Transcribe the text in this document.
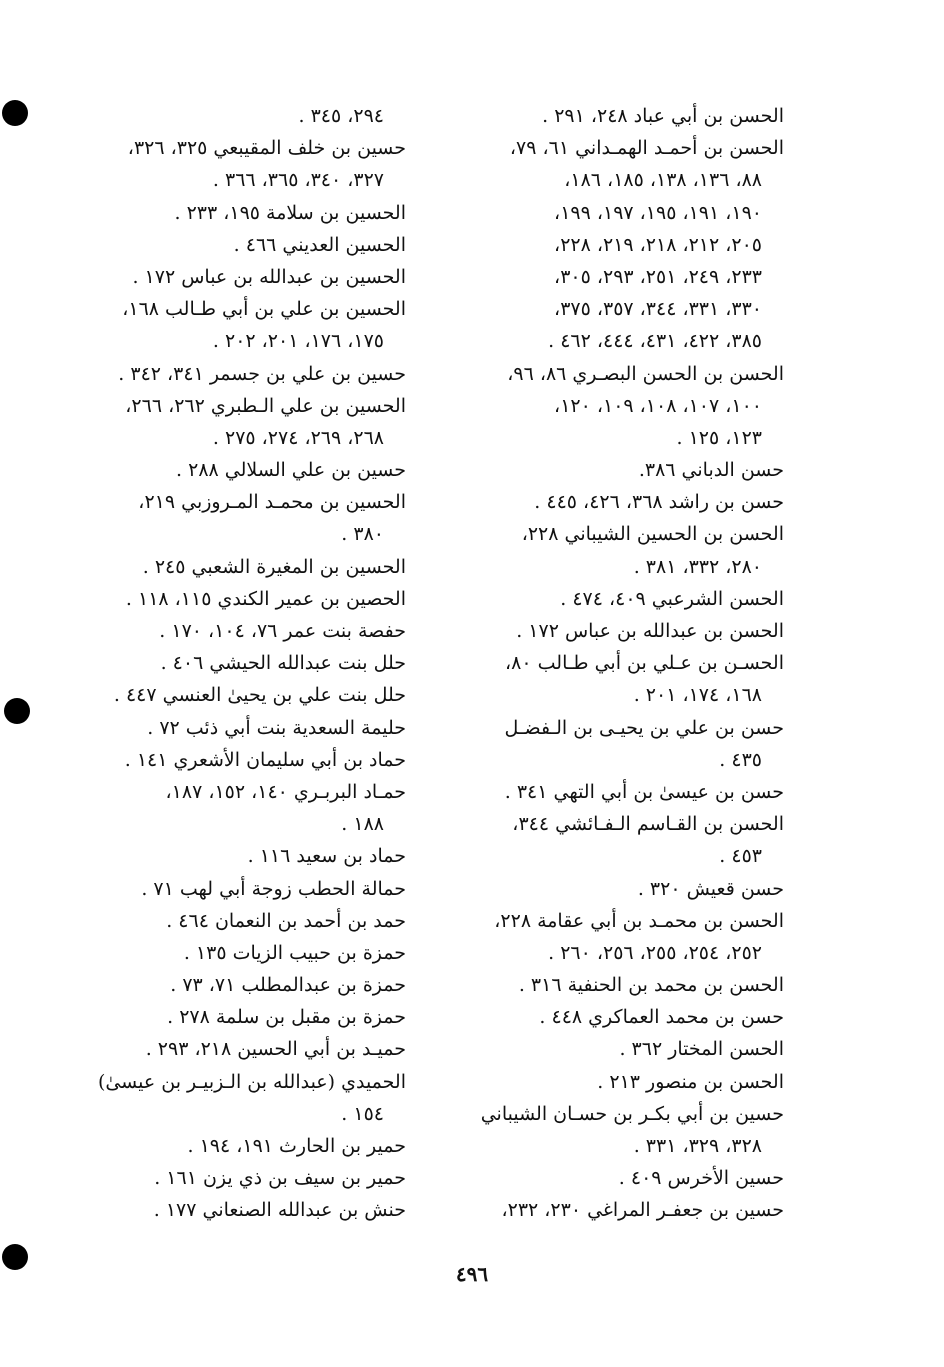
الحسن بن أبي عباد ٢٤٨، ٢٩١ .
الحسن بن أحمـد الهمـداني ٦١، ٧٩،
٨٨، ١٣٦، ١٣٨، ١٨٥، ١٨٦،
١٩٠، ١٩١، ١٩٥، ١٩٧، ١٩٩،
٢٠٥، ٢١٢، ٢١٨، ٢١٩، ٢٢٨،
٢٣٣، ٢٤٩، ٢٥١، ٢٩٣، ٣٠٥،
٣٣٠، ٣٣١، ٣٤٤، ٣٥٧، ٣٧٥،
٣٨٥، ٤٢٢، ٤٣١، ٤٤٤، ٤٦٢ .
الحسن بن الحسن البصـري ٨٦، ٩٦،
١٠٠، ١٠٧، ١٠٨، ١٠٩، ١٢٠،
١٢٣، ١٢٥ .
حسن الدباني ٣٨٦.
حسن بن راشد ٣٦٨، ٤٢٦، ٤٤٥ .
الحسن بن الحسين الشيباني ٢٢٨،
٢٨٠، ٣٣٢، ٣٨١ .
الحسن الشرعبي ٤٠٩، ٤٧٤ .
الحسن بن عبدالله بن عباس ١٧٢ .
الحسـن بن عـلي بن أبي طـالب ٨٠،
١٦٨، ١٧٤، ٢٠١ .
حسن بن علي بن يحيـى بن الـفضـل
٤٣٥ .
حسن بن عيسىٰ بن أبي التهي ٣٤١ .
الحسن بن القـاسم الـفـائشي ٣٤٤،
٤٥٣ .
حسن قعيش ٣٢٠ .
الحسن بن محمـد بن أبي عقامة ٢٢٨،
٢٥٢، ٢٥٤، ٢٥٥، ٢٥٦، ٢٦٠ .
الحسن بن محمد بن الحنفية ٣١٦ .
حسن بن محمد العماكري ٤٤٨ .
الحسن المختار ٣٦٢ .
الحسن بن منصور ٢١٣ .
حسين بن أبي بكـر بن حسـان الشيباني
٣٢٨، ٣٢٩، ٣٣١ .
حسين الأخرس ٤٠٩ .
حسين بن جعفـر المراغي ٢٣٠، ٢٣٢،
٢٩٤، ٣٤٥ .
حسين بن خلف المقيبعي ٣٢٥، ٣٢٦،
٣٢٧، ٣٤٠، ٣٦٥، ٣٦٦ .
الحسين بن سلامة ١٩٥، ٢٣٣ .
الحسين العديني ٤٦٦ .
الحسين بن عبدالله بن عباس ١٧٢ .
الحسين بن علي بن أبي طـالب ١٦٨،
١٧٥، ١٧٦، ٢٠١، ٢٠٢ .
حسين بن علي بن جسمر ٣٤١، ٣٤٢ .
الحسين بن علي الـطبري ٢٦٢، ٢٦٦،
٢٦٨، ٢٦٩، ٢٧٤، ٢٧٥ .
حسين بن علي السلالي ٢٨٨ .
الحسين بن محمـد المـروزبي ٢١٩،
٣٨٠ .
الحسين بن المغيرة الشعبي ٢٤٥ .
الحصين بن عمير الكندي ١١٥، ١١٨ .
حفصة بنت عمر ٧٦، ١٠٤، ١٧٠ .
حلل بنت عبدالله الحيشي ٤٠٦ .
حلل بنت علي بن يحيىٰ العنسي ٤٤٧ .
حليمة السعدية بنت أبي ذئب ٧٢ .
حماد بن أبي سليمان الأشعري ١٤١ .
حمـاد البربـري ١٤٠، ١٥٢، ١٨٧،
١٨٨ .
حماد بن سعيد ١١٦ .
حمالة الحطب زوجة أبي لهب ٧١ .
حمد بن أحمد بن النعمان ٤٦٤ .
حمزة بن حبيب الزيات ١٣٥ .
حمزة بن عبدالمطلب ٧١، ٧٣ .
حمزة بن مقبل بن سلمة ٢٧٨ .
حميـد بن أبي الحسين ٢١٨، ٢٩٣ .
الحميدي (عبدالله بن الـزبيـر بن عيسىٰ)
١٥٤ .
حمير بن الحارث ١٩١، ١٩٤ .
حمير بن سيف بن ذي يزن ١٦١ .
حنش بن عبدالله الصنعاني ١٧٧ .
٤٩٦
